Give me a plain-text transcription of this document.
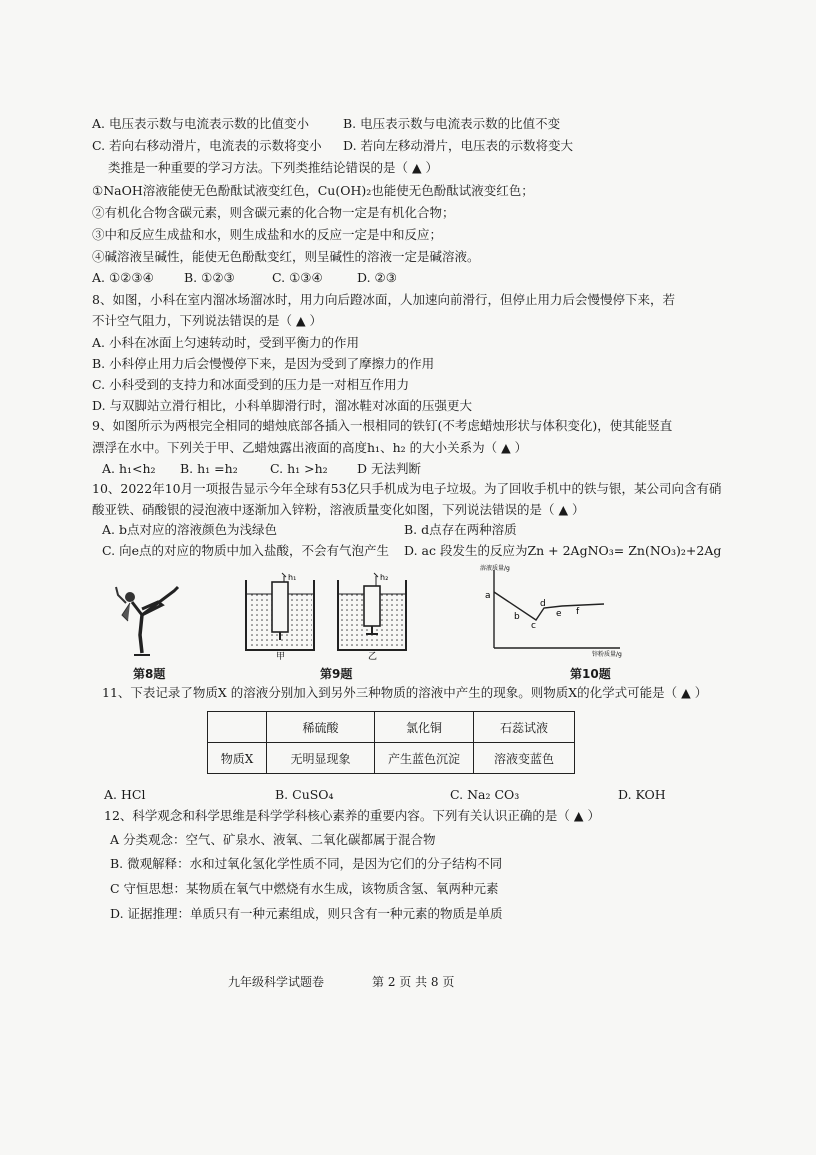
A. 电压表示数与电流表示数的比值变小	B. 电压表示数与电流表示数的比值不变
C. 若向右移动滑片，电流表的示数将变小 D. 若向左移动滑片，电压表的示数将变大
类推是一种重要的学习方法。下列类推结论错误的是（ ▲ ）
①NaOH溶液能使无色酚酞试液变红色，Cu(OH)₂也能使无色酚酞试液变红色；
②有机化合物含碳元素，则含碳元素的化合物一定是有机化合物；
③中和反应生成盐和水，则生成盐和水的反应一定是中和反应；
④碱溶液呈碱性，能使无色酚酞变红，则呈碱性的溶液一定是碱溶液。
A. ①②③④ B. ①②③	C. ①③④	D. ②③
8、如图，小科在室内溜冰场溜冰时，用力向后蹬冰面，人加速向前滑行，但停止用力后会慢慢停下来，若
不计空气阻力，下列说法错误的是（ ▲ ）
A. 小科在冰面上匀速转动时，受到平衡力的作用
B. 小科停止用力后会慢慢停下来，是因为受到了摩擦力的作用
C. 小科受到的支持力和冰面受到的压力是一对相互作用力
D. 与双脚站立滑行相比，小科单脚滑行时，溜冰鞋对冰面的压强更大
9、如图所示为两根完全相同的蜡烛底部各插入一根相同的铁钉(不考虑蜡烛形状与体积变化)，使其能竖直
漂浮在水中。下列关于甲、乙蜡烛露出液面的高度h₁、h₂ 的大小关系为（ ▲ ）
A. h₁<h₂ B. h₁ =h₂	C. h₁ >h₂ D 无法判断
10、2022年10月一项报告显示今年全球有53亿只手机成为电子垃圾。为了回收手机中的铁与银，某公司向含有硝
酸亚铁、硝酸银的浸泡液中逐渐加入锌粉，溶液质量变化如图，下列说法错误的是（ ▲ ）
A. b点对应的溶液颜色为浅绿色	B. d点存在两种溶质
C. 向e点的对应的物质中加入盐酸，不会有气泡产生 D. ac 段发生的反应为Zn + 2AgNO₃= Zn(NO₃)₂+2Ag
h₁	h₂
甲	乙
溶液质量/g
锌粉质量/g
a
b
c
d
e f
第8题	第9题	第10题
11、下表记录了物质X 的溶液分别加入到另外三种物质的溶液中产生的现象。则物质X的化学式可能是（ ▲ ）
	稀硫酸	氯化铜	石蕊试液
物质X	无明显现象	产生蓝色沉淀	溶液变蓝色
A. HCl	B. CuSO₄	C. Na₂ CO₃	D. KOH
12、科学观念和科学思维是科学学科核心素养的重要内容。下列有关认识正确的是（ ▲ ）
A 分类观念：空气、矿泉水、液氧、二氧化碳都属于混合物
B. 微观解释：水和过氧化氢化学性质不同，是因为它们的分子结构不同
C 守恒思想：某物质在氧气中燃烧有水生成，该物质含氢、氧两种元素
D. 证据推理：单质只有一种元素组成，则只含有一种元素的物质是单质
九年级科学试题卷	第 2 页 共 8 页
